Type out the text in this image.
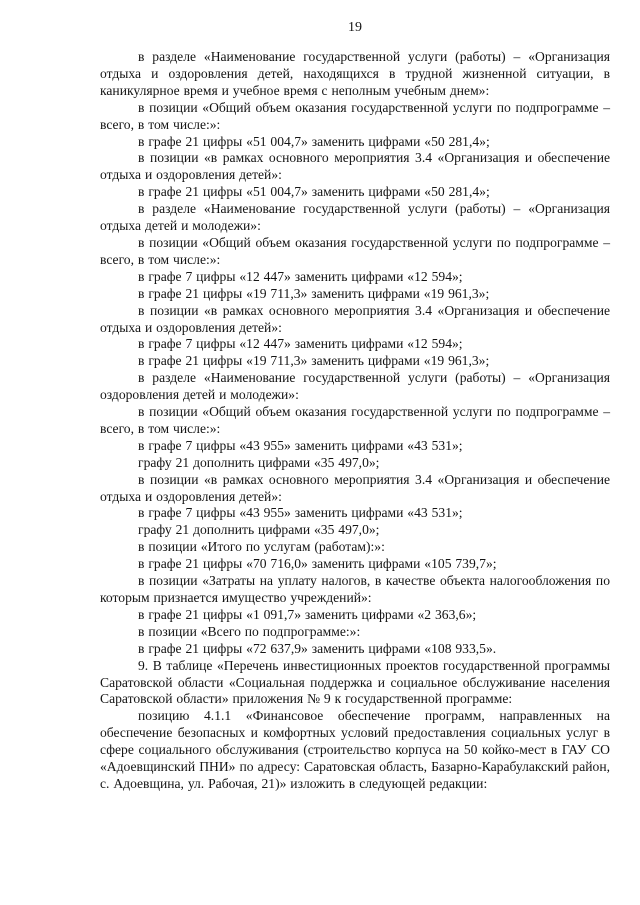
19

в разделе «Наименование государственной услуги (работы) – «Организация отдыха и оздоровления детей, находящихся в трудной жизненной ситуации, в каникулярное время и учебное время с неполным учебным днем»:

в позиции «Общий объем оказания государственной услуги по подпрограмме – всего, в том числе:»:

в графе 21 цифры «51 004,7» заменить цифрами «50 281,4»;

в позиции «в рамках основного мероприятия 3.4 «Организация и обеспечение отдыха и оздоровления детей»:

в графе 21 цифры «51 004,7» заменить цифрами «50 281,4»;

в разделе «Наименование государственной услуги (работы) – «Организация отдыха детей и молодежи»:

в позиции «Общий объем оказания государственной услуги по подпрограмме – всего, в том числе:»:

в графе 7 цифры «12 447» заменить цифрами «12 594»;

в графе 21 цифры «19 711,3» заменить цифрами «19 961,3»;

в позиции «в рамках основного мероприятия 3.4 «Организация и обеспечение отдыха и оздоровления детей»:

в графе 7 цифры «12 447» заменить цифрами «12 594»;

в графе 21 цифры «19 711,3» заменить цифрами «19 961,3»;

в разделе «Наименование государственной услуги (работы) – «Организация оздоровления детей и молодежи»:

в позиции «Общий объем оказания государственной услуги по подпрограмме – всего, в том числе:»:

в графе 7 цифры «43 955» заменить цифрами «43 531»;

графу 21 дополнить цифрами «35 497,0»;

в позиции «в рамках основного мероприятия 3.4 «Организация и обеспечение отдыха и оздоровления детей»:

в графе 7 цифры «43 955» заменить цифрами «43 531»;

графу 21 дополнить цифрами «35 497,0»;

в позиции «Итого по услугам (работам):»:

в графе 21 цифры «70 716,0» заменить цифрами «105 739,7»;

в позиции «Затраты на уплату налогов, в качестве объекта налогообложения по которым признается имущество учреждений»:

в графе 21 цифры «1 091,7» заменить цифрами «2 363,6»;

в позиции «Всего по подпрограмме:»:

в графе 21 цифры «72 637,9» заменить цифрами «108 933,5».

9. В таблице «Перечень инвестиционных проектов государственной программы Саратовской области «Социальная поддержка и социальное обслуживание населения Саратовской области» приложения № 9 к государственной программе:

позицию 4.1.1 «Финансовое обеспечение программ, направленных на обеспечение безопасных и комфортных условий предоставления социальных услуг в сфере социального обслуживания (строительство корпуса на 50 койко-мест в ГАУ СО «Адоевщинский ПНИ» по адресу: Саратовская область, Базарно-Карабулакский район, с. Адоевщина, ул. Рабочая, 21)» изложить в следующей редакции:
